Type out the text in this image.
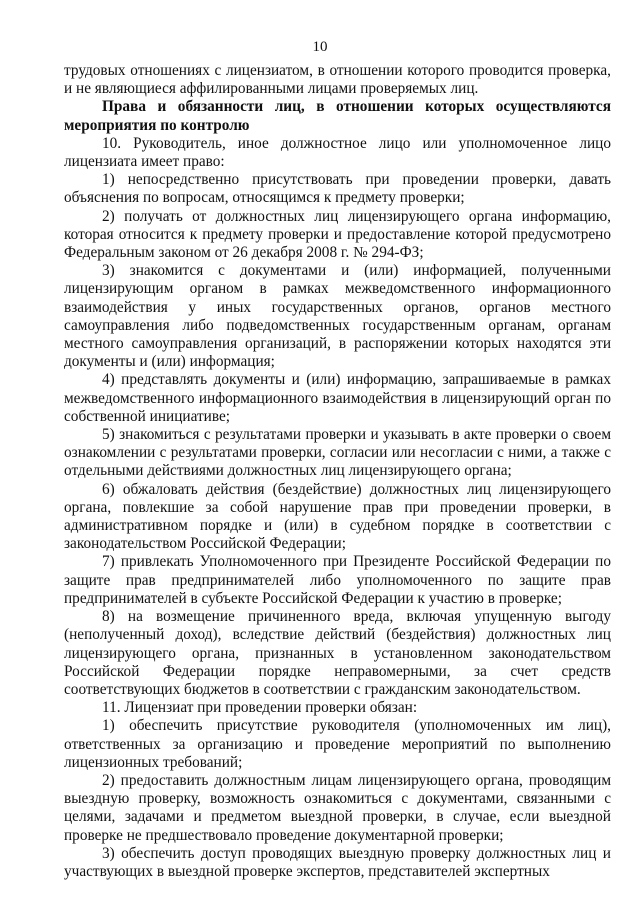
10

трудовых отношениях с лицензиатом, в отношении которого проводится проверка, и не являющиеся аффилированными лицами проверяемых лиц.

Права и обязанности лиц, в отношении которых осуществляются мероприятия по контролю

10. Руководитель, иное должностное лицо или уполномоченное лицо лицензиата имеет право:

1) непосредственно присутствовать при проведении проверки, давать объяснения по вопросам, относящимся к предмету проверки;

2) получать от должностных лиц лицензирующего органа информацию, которая относится к предмету проверки и предоставление которой предусмотрено Федеральным законом от 26 декабря 2008 г. № 294-ФЗ;

3) знакомится с документами и (или) информацией, полученными лицензирующим органом в рамках межведомственного информационного взаимодействия у иных государственных органов, органов местного самоуправления либо подведомственных государственным органам, органам местного самоуправления организаций, в распоряжении которых находятся эти документы и (или) информация;

4) представлять документы и (или) информацию, запрашиваемые в рамках межведомственного информационного взаимодействия в лицензирующий орган по собственной инициативе;

5) знакомиться с результатами проверки и указывать в акте проверки о своем ознакомлении с результатами проверки, согласии или несогласии с ними, а также с отдельными действиями должностных лиц лицензирующего органа;

6) обжаловать действия (бездействие) должностных лиц лицензирующего органа, повлекшие за собой нарушение прав при проведении проверки, в административном порядке и (или) в судебном порядке в соответствии с законодательством Российской Федерации;

7) привлекать Уполномоченного при Президенте Российской Федерации по защите прав предпринимателей либо уполномоченного по защите прав предпринимателей в субъекте Российской Федерации к участию в проверке;

8) на возмещение причиненного вреда, включая упущенную выгоду (неполученный доход), вследствие действий (бездействия) должностных лиц лицензирующего органа, признанных в установленном законодательством Российской Федерации порядке неправомерными, за счет средств соответствующих бюджетов в соответствии с гражданским законодательством.

11. Лицензиат при проведении проверки обязан:

1) обеспечить присутствие руководителя (уполномоченных им лиц), ответственных за организацию и проведение мероприятий по выполнению лицензионных требований;

2) предоставить должностным лицам лицензирующего органа, проводящим выездную проверку, возможность ознакомиться с документами, связанными с целями, задачами и предметом выездной проверки, в случае, если выездной проверке не предшествовало проведение документарной проверки;

3) обеспечить доступ проводящих выездную проверку должностных лиц и участвующих в выездной проверке экспертов, представителей экспертных
